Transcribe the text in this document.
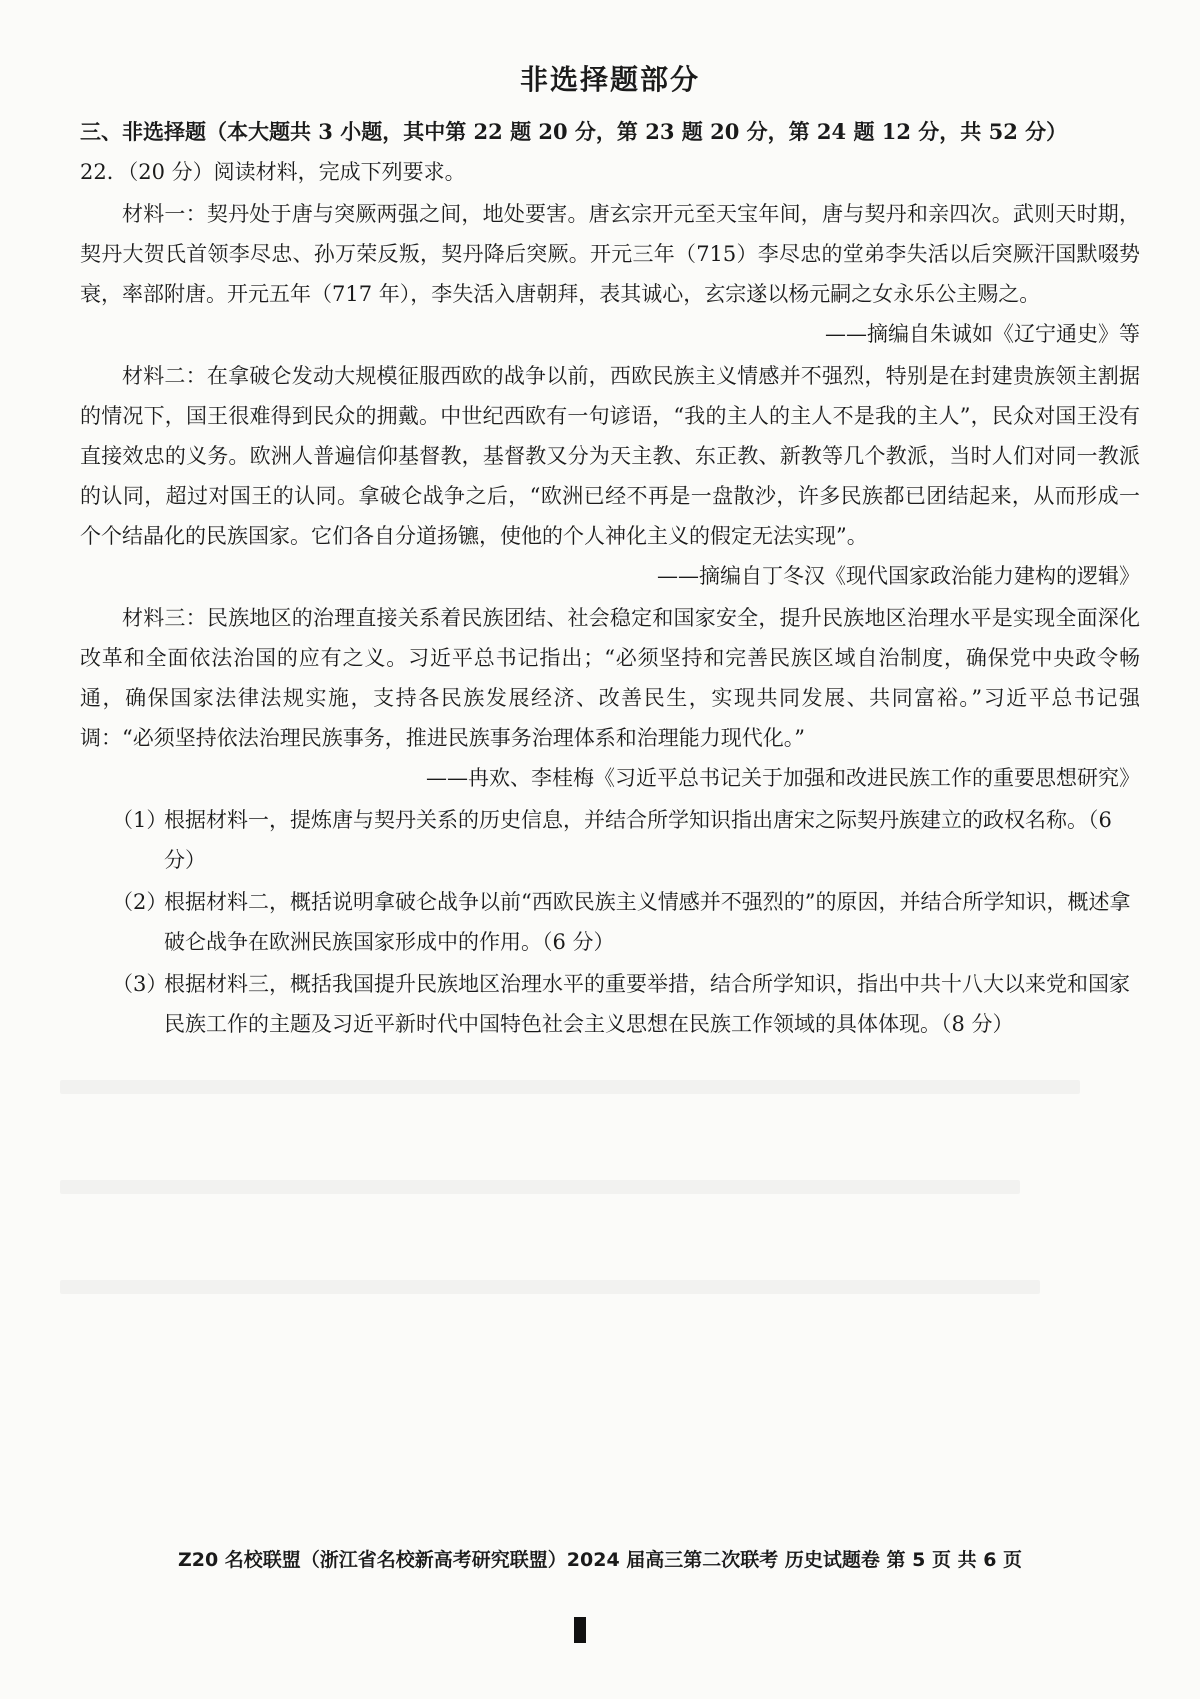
非选择题部分

三、非选择题（本大题共 3 小题，其中第 22 题 20 分，第 23 题 20 分，第 24 题 12 分，共 52 分）

22．（20 分）阅读材料，完成下列要求。

材料一：契丹处于唐与突厥两强之间，地处要害。唐玄宗开元至天宝年间，唐与契丹和亲四次。武则天时期，契丹大贺氏首领李尽忠、孙万荣反叛，契丹降后突厥。开元三年（715）李尽忠的堂弟李失活以后突厥汗国默啜势衰，率部附唐。开元五年（717 年），李失活入唐朝拜，表其诚心，玄宗遂以杨元嗣之女永乐公主赐之。

——摘编自朱诚如《辽宁通史》等

材料二：在拿破仑发动大规模征服西欧的战争以前，西欧民族主义情感并不强烈，特别是在封建贵族领主割据的情况下，国王很难得到民众的拥戴。中世纪西欧有一句谚语，“我的主人的主人不是我的主人”，民众对国王没有直接效忠的义务。欧洲人普遍信仰基督教，基督教又分为天主教、东正教、新教等几个教派，当时人们对同一教派的认同，超过对国王的认同。拿破仑战争之后，“欧洲已经不再是一盘散沙，许多民族都已团结起来，从而形成一个个结晶化的民族国家。它们各自分道扬镳，使他的个人神化主义的假定无法实现”。

——摘编自丁冬汉《现代国家政治能力建构的逻辑》

材料三：民族地区的治理直接关系着民族团结、社会稳定和国家安全，提升民族地区治理水平是实现全面深化改革和全面依法治国的应有之义。习近平总书记指出；“必须坚持和完善民族区域自治制度，确保党中央政令畅通，确保国家法律法规实施，支持各民族发展经济、改善民生，实现共同发展、共同富裕。”习近平总书记强调：“必须坚持依法治理民族事务，推进民族事务治理体系和治理能力现代化。”

——冉欢、李桂梅《习近平总书记关于加强和改进民族工作的重要思想研究》

（1）
根据材料一，提炼唐与契丹关系的历史信息，并结合所学知识指出唐宋之际契丹族建立的政权名称。（6 分）
（2）
根据材料二，概括说明拿破仑战争以前“西欧民族主义情感并不强烈的”的原因，并结合所学知识，概述拿破仑战争在欧洲民族国家形成中的作用。（6 分）
（3）
根据材料三，概括我国提升民族地区治理水平的重要举措，结合所学知识，指出中共十八大以来党和国家民族工作的主题及习近平新时代中国特色社会主义思想在民族工作领域的具体体现。（8 分）
Z20 名校联盟（浙江省名校新高考研究联盟）2024 届高三第二次联考 历史试题卷 第 5 页 共 6 页
